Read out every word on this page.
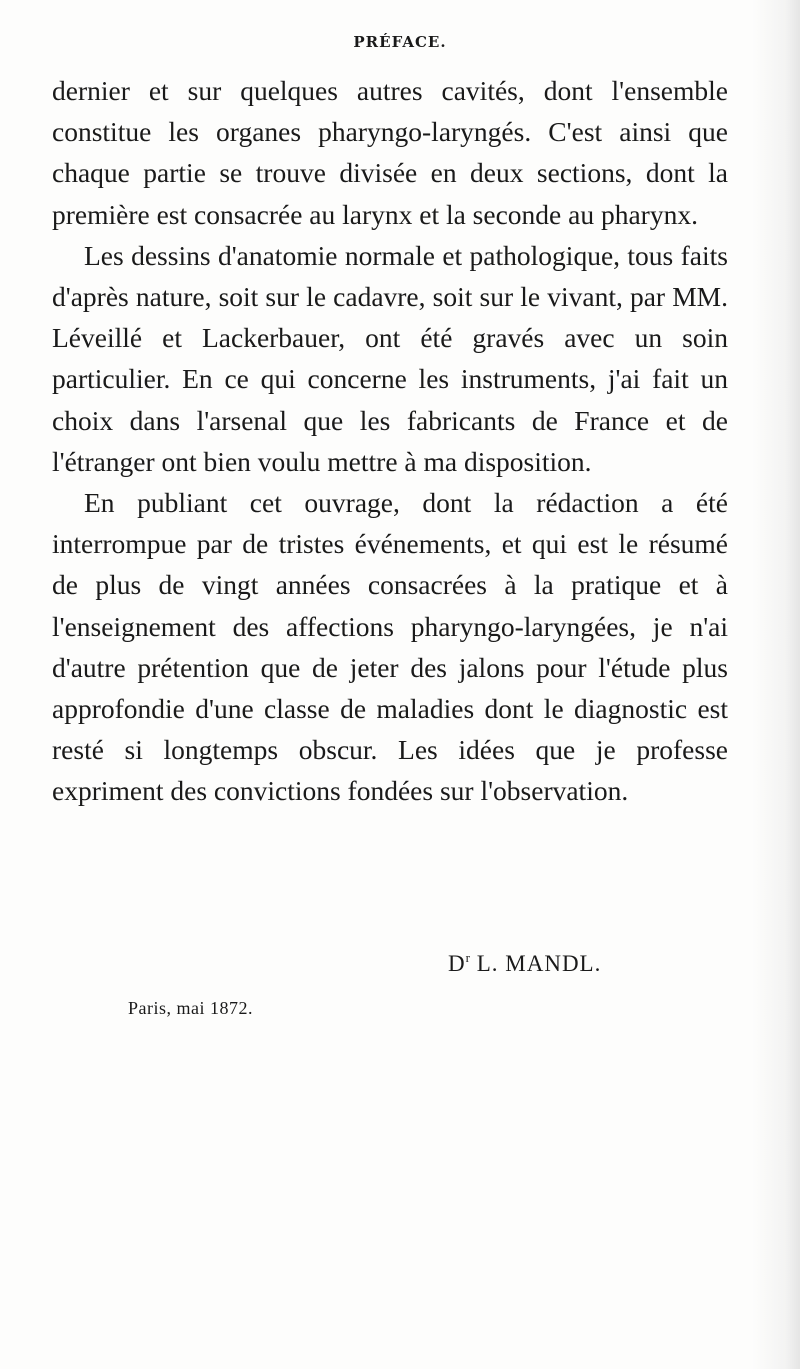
PRÉFACE.

dernier et sur quelques autres cavités, dont l'ensemble constitue les organes pharyngo-laryngés. C'est ainsi que chaque partie se trouve divisée en deux sections, dont la première est consacrée au larynx et la seconde au pharynx.

Les dessins d'anatomie normale et pathologique, tous faits d'après nature, soit sur le cadavre, soit sur le vivant, par MM. Léveillé et Lackerbauer, ont été gravés avec un soin particulier. En ce qui concerne les instruments, j'ai fait un choix dans l'arsenal que les fabricants de France et de l'étranger ont bien voulu mettre à ma disposition.

En publiant cet ouvrage, dont la rédaction a été interrompue par de tristes événements, et qui est le résumé de plus de vingt années consacrées à la pratique et à l'enseignement des affections pharyngo-laryngées, je n'ai d'autre prétention que de jeter des jalons pour l'étude plus approfondie d'une classe de maladies dont le diagnostic est resté si longtemps obscur. Les idées que je professe expriment des convictions fondées sur l'observation.

$D^r$ L. MANDL.
Paris, mai 1872.
